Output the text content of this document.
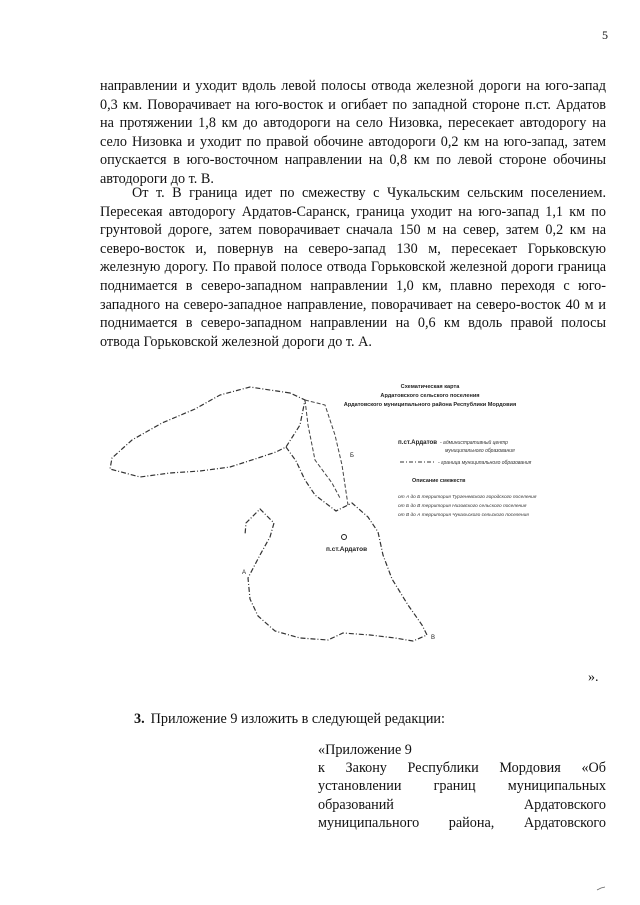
5

направлении и уходит вдоль левой полосы отвода железной дороги на юго-запад 0,3 км. Поворачивает на юго-восток и огибает по западной стороне п.ст. Ардатов на протяжении 1,8 км до автодороги на село Низовка, пересекает автодорогу на село Низовка и уходит по правой обочине автодороги 0,2 км на юго-запад, затем опускается в юго-восточном направлении на 0,8 км по левой стороне обочины автодороги до т. В.

От т. В граница идет по смежеству с Чукальским сельским поселением. Пересекая автодорогу Ардатов-Саранск, граница уходит на юго-запад 1,1 км по грунтовой дороге, затем поворачивает сначала 150 м на север, затем 0,2 км на северо-восток и, повернув на северо-запад 130 м, пересекает Горьковскую железную дорогу. По правой полосе отвода Горьковской железной дороги граница поднимается в северо-западном направлении 1,0 км, плавно переходя с юго-западного на северо-западное направление, поворачивает на северо-восток 40 м и поднимается в северо-западном направлении на 0,6 км вдоль правой полосы отвода Горьковской железной дороги до т. А.

п.ст.Ардатов
А
Б
В
Схематическая карта
Ардатовского сельского поселения
Ардатовского муниципального района Республики Мордовия
п.ст.Ардатов - административный центр
муниципального образования
- граница муниципального образования
Описание смежеств
от А до Б территория Тургеневского городского поселения
от Б до В территория Низовского сельского поселения
от В до А территория Чукальского сельского поселения
».
3. Приложение 9 изложить в следующей редакции:
«Приложение 9
к Закону Республики Мордовия «Об
установлении границ муниципальных
образований Ардатовского
муниципального района, Ардатовского
